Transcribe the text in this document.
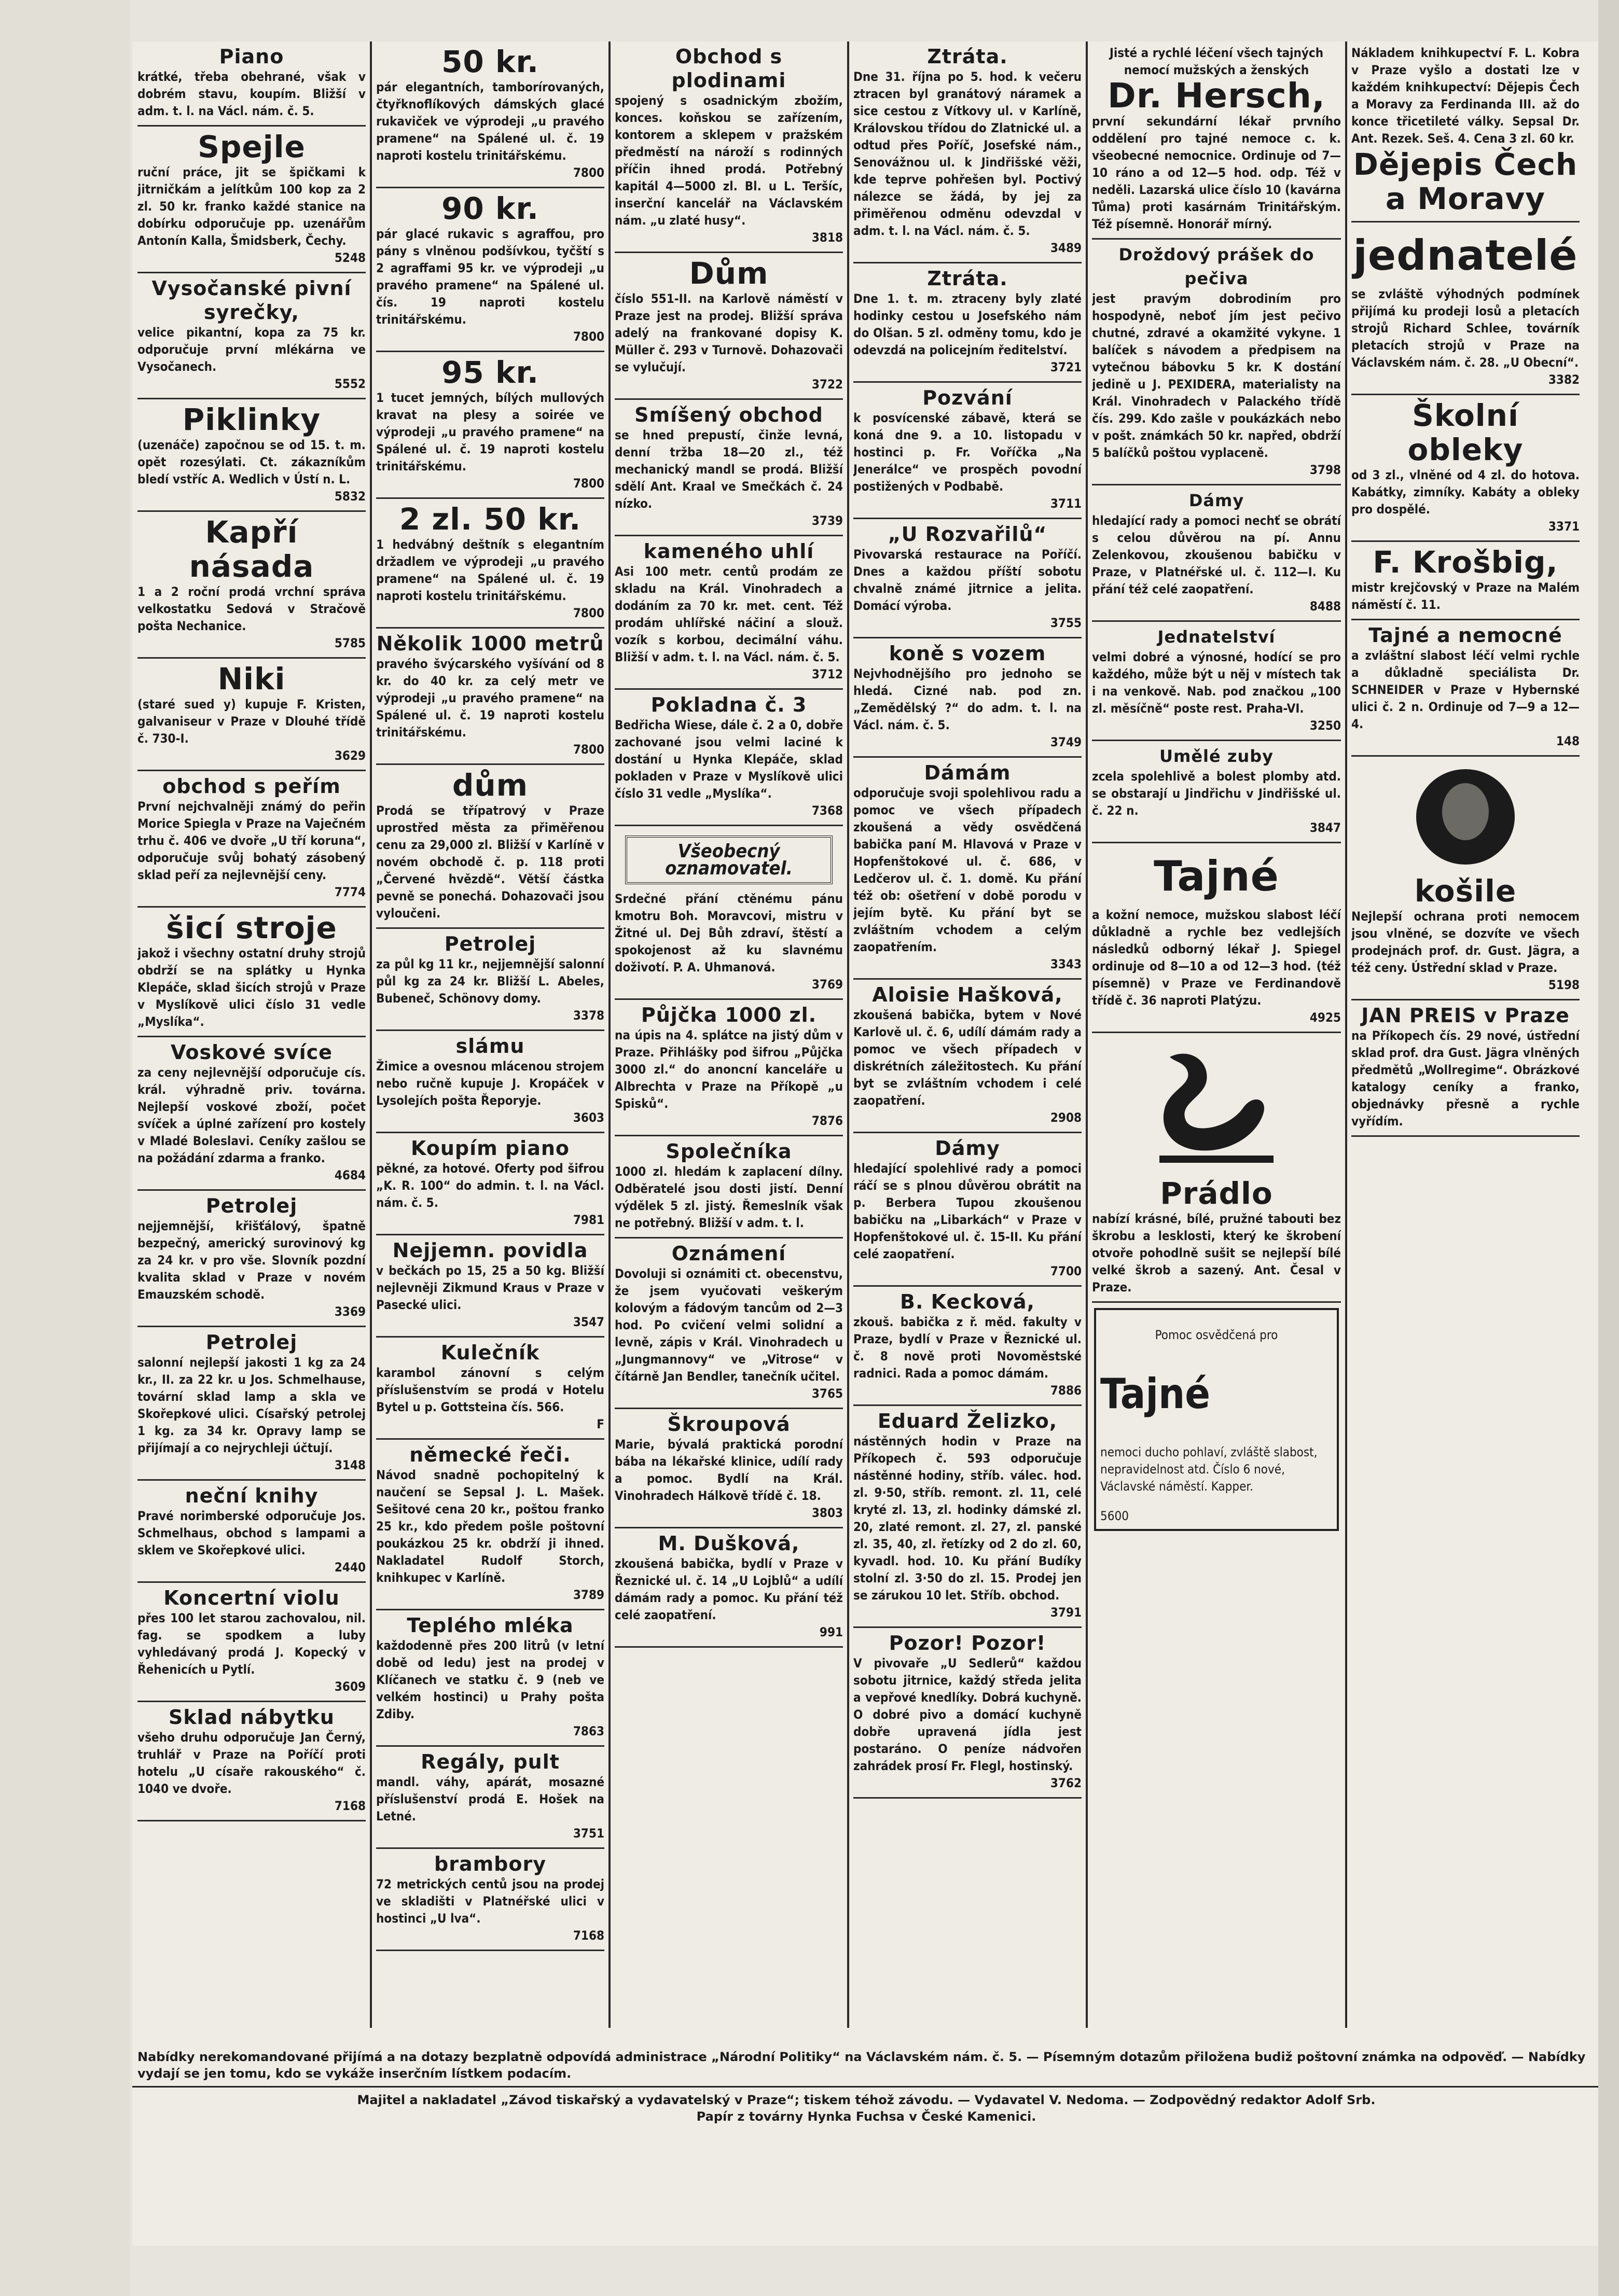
Piano

krátké, třeba obehrané, však v dobrém stavu, koupím. Bližší v adm. t. l. na Václ. nám. č. 5.

Spejle

ruční práce, jit se špičkami k jitrničkám a jelítkům 100 kop za 2 zl. 50 kr. franko každé stanice na dobírku odporučuje pp. uzenářům Antonín Kalla, Šmidsberk, Čechy.

5248
Vysočanské pivní syrečky,

velice pikantní, kopa za 75 kr. odporučuje první mlékárna ve Vysočanech.

5552
Piklinky

(uzenáče) započnou se od 15. t. m. opět rozesýlati. Ct. zákazníkům bledí vstříc A. Wedlich v Ústí n. L.

5832
Kapří násada

1 a 2 roční prodá vrchní správa velkostatku Sedová v Stračově pošta Nechanice.

5785
Niki

(staré sued y) kupuje F. Kristen, galvaniseur v Praze v Dlouhé třídě č. 730-I.

3629
obchod s peřím

První nejchvalněji známý do peřin Morice Spiegla v Praze na Vaječném trhu č. 406 ve dvoře „U tří koruna“, odporučuje svůj bohatý zásobený sklad peří za nejlevnější ceny.

7774
šicí stroje

jakož i všechny ostatní druhy strojů obdrží se na splátky u Hynka Klepáče, sklad šicích strojů v Praze v Myslíkově ulici číslo 31 vedle „Myslíka“.

Voskové svíce

za ceny nejlevnější odporučuje cís. král. výhradně priv. továrna. Nejlepší voskové zboží, počet svíček a úplné zařízení pro kostely v Mladé Boleslavi. Ceníky zašlou se na požádání zdarma a franko.

4684
Petrolej

nejjemnější, křišťálový, špatně bezpečný, americký surovinový kg za 24 kr. v pro vše. Slovník pozdní kvalita sklad v Praze v novém Emauzském schodě.

3369
Petrolej

salonní nejlepší jakosti 1 kg za 24 kr., II. za 22 kr. u Jos. Schmelhause, tovární sklad lamp a skla ve Skořepkové ulici. Císařský petrolej 1 kg. za 34 kr. Opravy lamp se přijímají a co nejrychleji účtují.

3148
neční knihy

Pravé norimberské odporučuje Jos. Schmelhaus, obchod s lampami a sklem ve Skořepkové ulici.

2440
Koncertní violu

přes 100 let starou zachovalou, nil. fag. se spodkem a luby vyhledávaný prodá J. Kopecký v Řehenicích u Pytlí.

3609
Sklad nábytku

všeho druhu odporučuje Jan Černý, truhlář v Praze na Poříčí proti hotelu „U císaře rakouského“ č. 1040 ve dvoře.

7168
50 kr.

pár elegantních, tamborírovaných, čtyřknoflíkových dámských glacé rukaviček ve výprodeji „u pravého pramene“ na Spálené ul. č. 19 naproti kostelu trinitářskému.

7800
90 kr.

pár glacé rukavic s agraffou, pro pány s vlněnou podšívkou, tyčští s 2 agraffami 95 kr. ve výprodeji „u pravého pramene“ na Spálené ul. čís. 19 naproti kostelu trinitářskému.

7800
95 kr.

1 tucet jemných, bílých mullových kravat na plesy a soirée ve výprodeji „u pravého pramene“ na Spálené ul. č. 19 naproti kostelu trinitářskému.

7800
2 zl. 50 kr.

1 hedvábný deštník s elegantním držadlem ve výprodeji „u pravého pramene“ na Spálené ul. č. 19 naproti kostelu trinitářskému.

7800
Několik 1000 metrů

pravého švýcarského vyšívání od 8 kr. do 40 kr. za celý metr ve výprodeji „u pravého pramene“ na Spálené ul. č. 19 naproti kostelu trinitářskému.

7800
dům

Prodá se třípatrový v Praze uprostřed města za přiměřenou cenu za 29,000 zl. Bližší v Karlíně v novém obchodě č. p. 118 proti „Červené hvězdě“. Větší částka pevně se ponechá. Dohazovači jsou vyloučeni.

Petrolej

za půl kg 11 kr., nejjemnější salonní půl kg za 24 kr. Bližší L. Abeles, Bubeneč, Schönovy domy.

3378
slámu

Žimice a ovesnou mlácenou strojem nebo ručně kupuje J. Kropáček v Lysolejích pošta Řeporyje.

3603
Koupím piano

pěkné, za hotové. Oferty pod šifrou „K. R. 100“ do admin. t. l. na Václ. nám. č. 5.

7981
Nejjemn. povidla

v bečkách po 15, 25 a 50 kg. Bližší nejlevněji Zikmund Kraus v Praze v Pasecké ulici.

3547
Kulečník

karambol zánovní s celým příslušenstvím se prodá v Hotelu Bytel u p. Gottsteina čís. 566.

F
německé řeči.

Návod snadně pochopitelný k naučení se Sepsal J. L. Mašek. Sešitové cena 20 kr., poštou franko 25 kr., kdo předem pošle poštovní poukázkou 25 kr. obdrží ji ihned. Nakladatel Rudolf Storch, knihkupec v Karlíně.

3789
Teplého mléka

každodenně přes 200 litrů (v letní době od ledu) jest na prodej v Klíčanech ve statku č. 9 (neb ve velkém hostinci) u Prahy pošta Zdiby.

7863
Regály, pult

mandl. váhy, apárát, mosazné příslušenství prodá E. Hošek na Letné.

3751
brambory

72 metrických centů jsou na prodej ve skladišti v Platnéřské ulici v hostinci „U lva“.

7168
Obchod s plodinami

spojený s osadnickým zbožím, konces. koňskou se zařízením, kontorem a sklepem v pražském předměstí na nároží s rodinných příčin ihned prodá. Potřebný kapitál 4—5000 zl. Bl. u L. Teršíc, inserční kancelář na Václavském nám. „u zlaté husy“.

3818
Dům

číslo 551-II. na Karlově náměstí v Praze jest na prodej. Bližší správa adelý na frankované dopisy K. Müller č. 293 v Turnově. Dohazovači se vylučují.

3722
Smíšený obchod

se hned prepustí, činže levná, denní tržba 18—20 zl., též mechanický mandl se prodá. Bližší sdělí Ant. Kraal ve Smečkách č. 24 nízko.

3739
kameného uhlí

Asi 100 metr. centů prodám ze skladu na Král. Vinohradech a dodáním za 70 kr. met. cent. Též prodám uhlířské náčiní a slouž. vozík s korbou, decimální váhu. Bližší v adm. t. l. na Václ. nám. č. 5.

3712
Pokladna č. 3

Bedřicha Wiese, dále č. 2 a 0, dobře zachované jsou velmi laciné k dostání u Hynka Klepáče, sklad pokladen v Praze v Myslíkově ulici číslo 31 vedle „Myslíka“.

7368
Všeobecný oznamovatel.

Srdečné přání ctěnému pánu kmotru Boh. Moravcovi, mistru v Žitné ul. Dej Bůh zdraví, štěstí a spokojenost až ku slavnému doživotí. P. A. Uhmanová.

3769
Půjčka 1000 zl.

na úpis na 4. splátce na jistý dům v Praze. Přihlášky pod šifrou „Půjčka 3000 zl.“ do anoncní kanceláře u Albrechta v Praze na Příkopě „u Spisků“.

7876
Společníka

1000 zl. hledám k zaplacení dílny. Odběratelé jsou dosti jistí. Denní výdělek 5 zl. jistý. Řemeslník však ne potřebný. Bližší v adm. t. l.

Oznámení

Dovoluji si oznámiti ct. obecenstvu, že jsem vyučovati veškerým kolovým a fádovým tancům od 2—3 hod. Po cvičení velmi solidní a levně, zápis v Král. Vinohradech u „Jungmannovy“ ve „Vitrose“ v čítárně Jan Bendler, tanečník učitel.

3765
Škroupová

Marie, bývalá praktická porodní bába na lékařské klinice, udílí rady a pomoc. Bydlí na Král. Vinohradech Hálkově třídě č. 18.

3803
M. Dušková,

zkoušená babička, bydlí v Praze v Řeznické ul. č. 14 „U Lojblů“ a udílí dámám rady a pomoc. Ku přání též celé zaopatření.

991
Ztráta.

Dne 31. října po 5. hod. k večeru ztracen byl granátový náramek a sice cestou z Vítkovy ul. v Karlíně, Královskou třídou do Zlatnické ul. a odtud přes Poříč, Josefské nám., Senovážnou ul. k Jindřišské věži, kde teprve pohřešen byl. Poctivý nálezce se žádá, by jej za přiměřenou odměnu odevzdal v adm. t. l. na Václ. nám. č. 5.

3489
Ztráta.

Dne 1. t. m. ztraceny byly zlaté hodinky cestou u Josefského nám do Olšan. 5 zl. odměny tomu, kdo je odevzdá na policejním ředitelství.

3721
Pozvání

k posvícenské zábavě, která se koná dne 9. a 10. listopadu v hostinci p. Fr. Voříčka „Na Jenerálce“ ve prospěch povodní postižených v Podbabě.

3711
„U Rozvařilů“

Pivovarská restaurace na Poříčí. Dnes a každou příští sobotu chvalně známé jitrnice a jelita. Domácí výroba.

3755
koně s vozem

Nejvhodnějšího pro jednoho se hledá. Cizné nab. pod zn. „Zemědělský ?“ do adm. t. l. na Václ. nám. č. 5.

3749
Dámám

odporučuje svoji spolehlivou radu a pomoc ve všech případech zkoušená a vědy osvědčená babička paní M. Hlavová v Praze v Hopfenštokové ul. č. 686, v Ledčerov ul. č. 1. domě. Ku přání též ob: ošetření v době porodu v jejím bytě. Ku přání byt se zvláštním vchodem a celým zaopatřením.

3343
Aloisie Hašková,

zkoušená babička, bytem v Nové Karlově ul. č. 6, udílí dámám rady a pomoc ve všech případech v diskrétních záležitostech. Ku přání byt se zvláštním vchodem i celé zaopatření.

2908
Dámy

hledající spolehlivé rady a pomoci ráčí se s plnou důvěrou obrátit na p. Berbera Tupou zkoušenou babičku na „Libarkách“ v Praze v Hopfenštokové ul. č. 15-II. Ku přání celé zaopatření.

7700
B. Kecková,

zkouš. babička z ř. měd. fakulty v Praze, bydlí v Praze v Řeznické ul. č. 8 nově proti Novoměstské radnici. Rada a pomoc dámám.

7886
Eduard Želizko,

nástěnných hodin v Praze na Příkopech č. 593 odporučuje nástěnné hodiny, stříb. válec. hod. zl. 9·50, stříb. remont. zl. 11, celé kryté zl. 13, zl. hodinky dámské zl. 20, zlaté remont. zl. 27, zl. panské zl. 35, 40, zl. řetízky od 2 do zl. 60, kyvadl. hod. 10. Ku přání Budíky stolní zl. 3·50 do zl. 15. Prodej jen se zárukou 10 let. Stříb. obchod.

3791
Pozor! Pozor!

V pivovaře „U Sedlerů“ každou sobotu jitrnice, každý středa jelita a vepřové knedlíky. Dobrá kuchyně. O dobré pivo a domácí kuchyně dobře upravená jídla jest postaráno. O peníze nádvořen zahrádek prosí Fr. Flegl, hostinský.

3762

Jisté a rychlé léčení všech tajných nemocí mužských a ženských

Dr. Hersch,

první sekundární lékař prvního oddělení pro tajné nemoce c. k. všeobecné nemocnice. Ordinuje od 7—10 ráno a od 12—5 hod. odp. Též v neděli. Lazarská ulice číslo 10 (kavárna Tůma) proti kasárnám Trinitářským. Též písemně. Honorář mírný.

Droždový prášek do pečiva

jest pravým dobrodiním pro hospodyně, neboť jím jest pečivo chutné, zdravé a okamžité vykyne. 1 balíček s návodem a předpisem na vytečnou bábovku 5 kr. K dostání jedině u J. PEXIDERA, materialisty na Král. Vinohradech v Palackého třídě čís. 299. Kdo zašle v poukázkách nebo v pošt. známkách 50 kr. napřed, obdrží 5 balíčků poštou vyplaceně.

3798
Dámy

hledající rady a pomoci nechť se obrátí s celou důvěrou na pí. Annu Zelenkovou, zkoušenou babičku v Praze, v Platnéřské ul. č. 112—I. Ku přání též celé zaopatření.

8488
Jednatelství

velmi dobré a výnosné, hodící se pro každého, může být u něj v místech tak i na venkově. Nab. pod značkou „100 zl. měsíčně“ poste rest. Praha-VI.

3250
Umělé zuby

zcela spolehlivě a bolest plomby atd. se obstarají u Jindřichu v Jindřišské ul. č. 22 n.

3847
Tajné

a kožní nemoce, mužskou slabost léčí důkladně a rychle bez vedlejších následků odborný lékař J. Spiegel ordinuje od 8—10 a od 12—3 hod. (též písemně) v Praze ve Ferdinandově třídě č. 36 naproti Platýzu.

4925
Prádlo

nabízí krásné, bílé, pružné tabouti bez škrobu a lesklosti, který ke škrobení otvoře pohodlně sušit se nejlepší bílé velké škrob a sazený. Ant. Česal v Praze.

Pomoc osvědčená pro

Tajné

nemoci ducho pohlaví, zvláště slabost, nepravidelnost atd. Číslo 6 nové, Václavské náměstí. Kapper.

5600

Nákladem knihkupectví F. L. Kobra v Praze vyšlo a dostati lze v každém knihkupectví: Dějepis Čech a Moravy za Ferdinanda III. až do konce třicetileté války. Sepsal Dr. Ant. Rezek. Seš. 4. Cena 3 zl. 60 kr.

Dějepis Čech a Moravy
jednatelé

se zvláště výhodných podmínek přijímá ku prodeji losů a pletacích strojů Richard Schlee, továrník pletacích strojů v Praze na Václavském nám. č. 28. „U Obecní“.

3382
Školní obleky

od 3 zl., vlněné od 4 zl. do hotova. Kabátky, zimníky. Kabáty a obleky pro dospělé.

3371
F. Krošbig,

mistr krejčovský v Praze na Malém náměstí č. 11.

Tajné a nemocné

a zvláštní slabost léčí velmi rychle a důkladně speciálista Dr. SCHNEIDER v Praze v Hybernské ulici č. 2 n. Ordinuje od 7—9 a 12—4.

148
košile

Nejlepší ochrana proti nemocem jsou vlněné, se dozvíte ve všech prodejnách prof. dr. Gust. Jägra, a též ceny. Ústřední sklad v Praze.

5198
JAN PREIS v Praze

na Příkopech čís. 29 nové, ústřední sklad prof. dra Gust. Jägra vlněných předmětů „Wollregime“. Obrázkové katalogy ceníky a franko, objednávky přesně a rychle vyřídím.

Nabídky nerekomandované přijímá a na dotazy bezplatně odpovídá administrace „Národní Politiky“ na Václavském nám. č. 5. — Písemným dotazům přiložena budiž poštovní známka na odpověď. — Nabídky vydají se jen tomu, kdo se vykáže inserčním lístkem podacím.
Majitel a nakladatel „Závod tiskařský a vydavatelský v Praze“; tiskem téhož závodu. — Vydavatel V. Nedoma. — Zodpovědný redaktor Adolf Srb.
Papír z továrny Hynka Fuchsa v České Kamenici.
